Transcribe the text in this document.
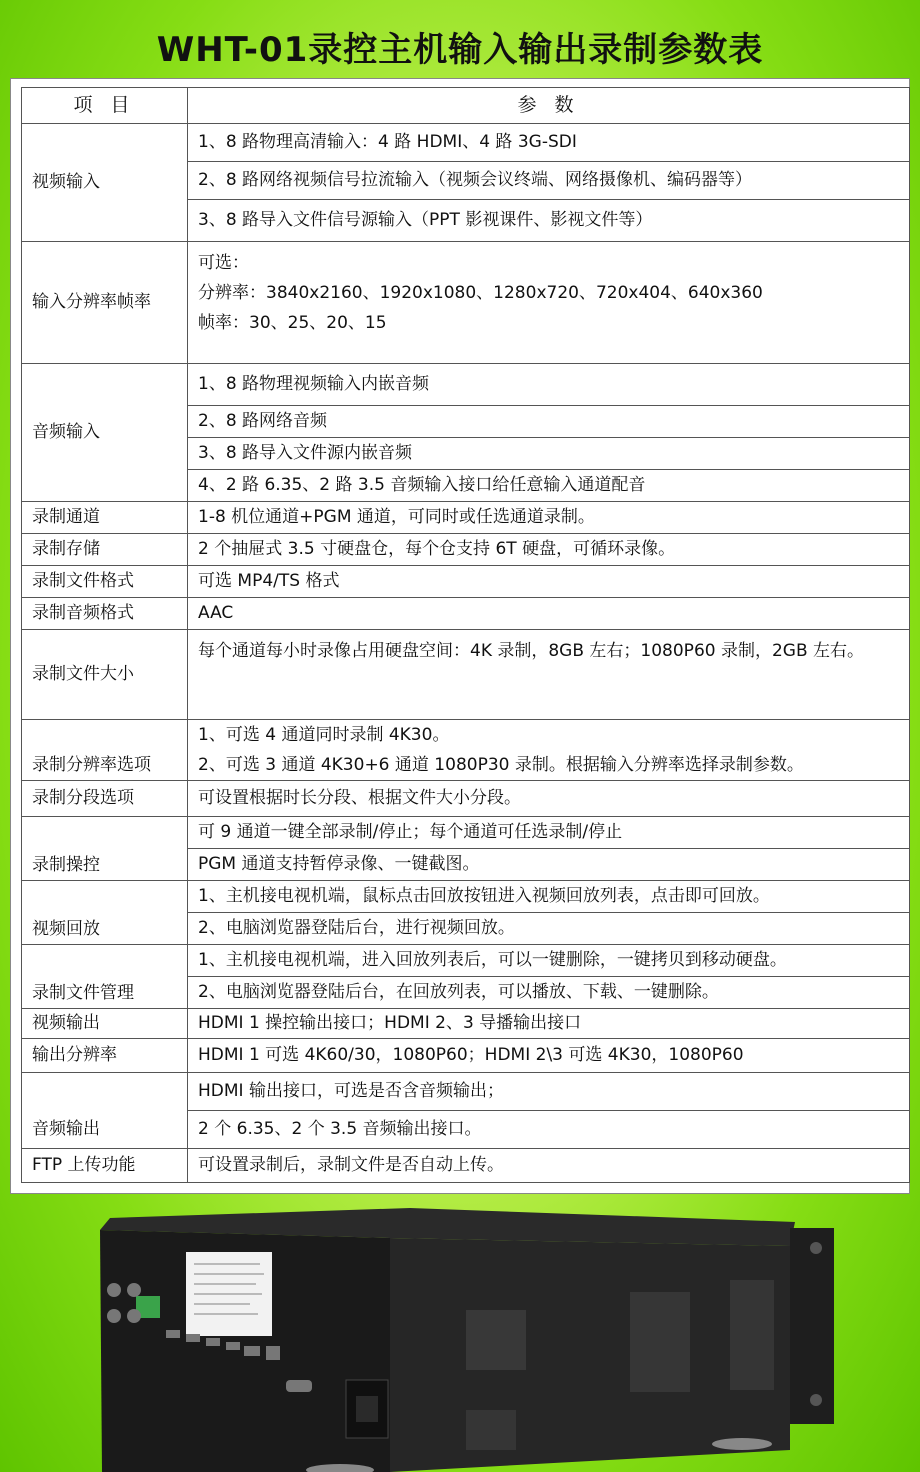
WHT-01录控主机输入输出录制参数表
项 目	参 数
视频输入	1、8 路物理高清输入：4 路 HDMI、4 路 3G-SDI
	2、8 路网络视频信号拉流输入（视频会议终端、网络摄像机、编码器等）
	3、8 路导入文件信号源输入（PPT 影视课件、影视文件等）
输入分辨率帧率	可选：
分辨率：3840x2160、1920x1080、1280x720、720x404、640x360
帧率：30、25、20、15

音频输入	1、8 路物理视频输入内嵌音频
	2、8 路网络音频
	3、8 路导入文件源内嵌音频
	4、2 路 6.35、2 路 3.5 音频输入接口给任意输入通道配音
录制通道	1-8 机位通道+PGM 通道，可同时或任选通道录制。
录制存储	2 个抽屉式 3.5 寸硬盘仓，每个仓支持 6T 硬盘，可循环录像。
录制文件格式	可选 MP4/TS 格式
录制音频格式	AAC
录制文件大小	每个通道每小时录像占用硬盘空间：4K 录制，8GB 左右；1080P60 录制，2GB 左右。
录制分辨率选项	1、可选 4 通道同时录制 4K30。
2、可选 3 通道 4K30+6 通道 1080P30 录制。根据输入分辨率选择录制参数。

录制分段选项	可设置根据时长分段、根据文件大小分段。
录制操控	可 9 通道一键全部录制/停止；每个通道可任选录制/停止
	PGM 通道支持暂停录像、一键截图。
视频回放	1、主机接电视机端，鼠标点击回放按钮进入视频回放列表，点击即可回放。
	2、电脑浏览器登陆后台，进行视频回放。
录制文件管理	1、主机接电视机端，进入回放列表后，可以一键删除，一键拷贝到移动硬盘。
	2、电脑浏览器登陆后台，在回放列表，可以播放、下载、一键删除。
视频输出	HDMI 1 操控输出接口；HDMI 2、3 导播输出接口
输出分辨率	HDMI 1 可选 4K60/30，1080P60；HDMI 2\3 可选 4K30，1080P60
音频输出	HDMI 输出接口，可选是否含音频输出；
	2 个 6.35、2 个 3.5 音频输出接口。
FTP 上传功能	可设置录制后，录制文件是否自动上传。
